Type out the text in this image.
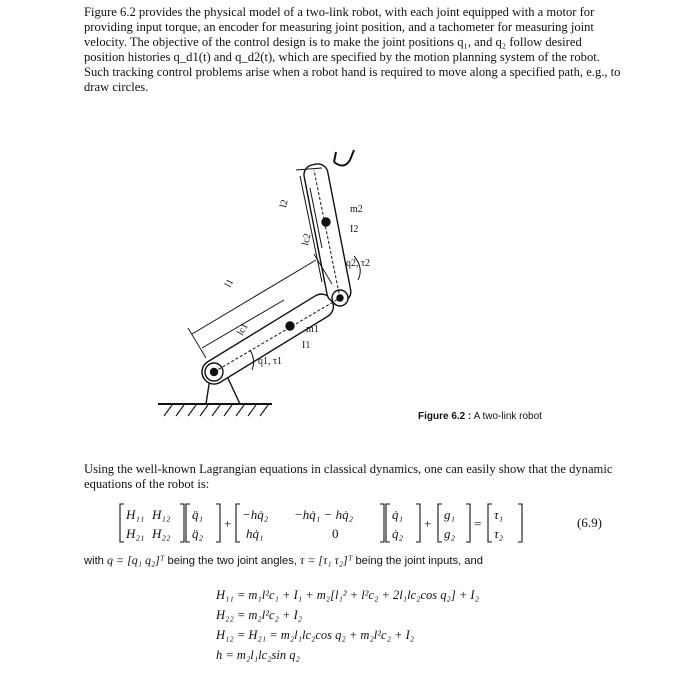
Figure 6.2 provides the physical model of a two-link robot, with each joint equipped with a motor for providing input torque, an encoder for measuring joint position, and a tachometer for measuring joint velocity. The objective of the control design is to make the joint positions q₁, and q₂ follow desired position histories q_d1(t) and q_d2(t), which are specified by the motion planning system of the robot. Such tracking control problems arise when a robot hand is required to move along a specified path, e.g., to draw circles.

l2
lc2
m2
I2
q2, τ2
l1
lc1	m1
I1
q1, τ1
Figure 6.2 : A two-link robot

Using the well-known Lagrangian equations in classical dynamics, one can easily show that the dynamic equations of the robot is:

H₁₁ H₁₂
H₂₁ H₂₂
q̈₁
q̈₂
+
−hq̇₂ −hq̇₁ − hq̇₂
hq̇₁	0
q̇₁
q̇₂
+
g₁
g₂
=
τ₁
τ₂
(6.9)
with q = [q₁ q₂]ᵀ being the two joint angles, τ = [τ₁ τ₂]ᵀ being the joint inputs, and
H₁₁ = m₁l²c₁ + I₁ + m₂[l₁² + l²c₂ + 2l₁lc₂cos q₂] + I₂
H₂₂ = m₂l²c₂ + I₂
H₁₂ = H₂₁ = m₂l₁lc₂cos q₂ + m₂l²c₂ + I₂
h = m₂l₁lc₂sin q₂
